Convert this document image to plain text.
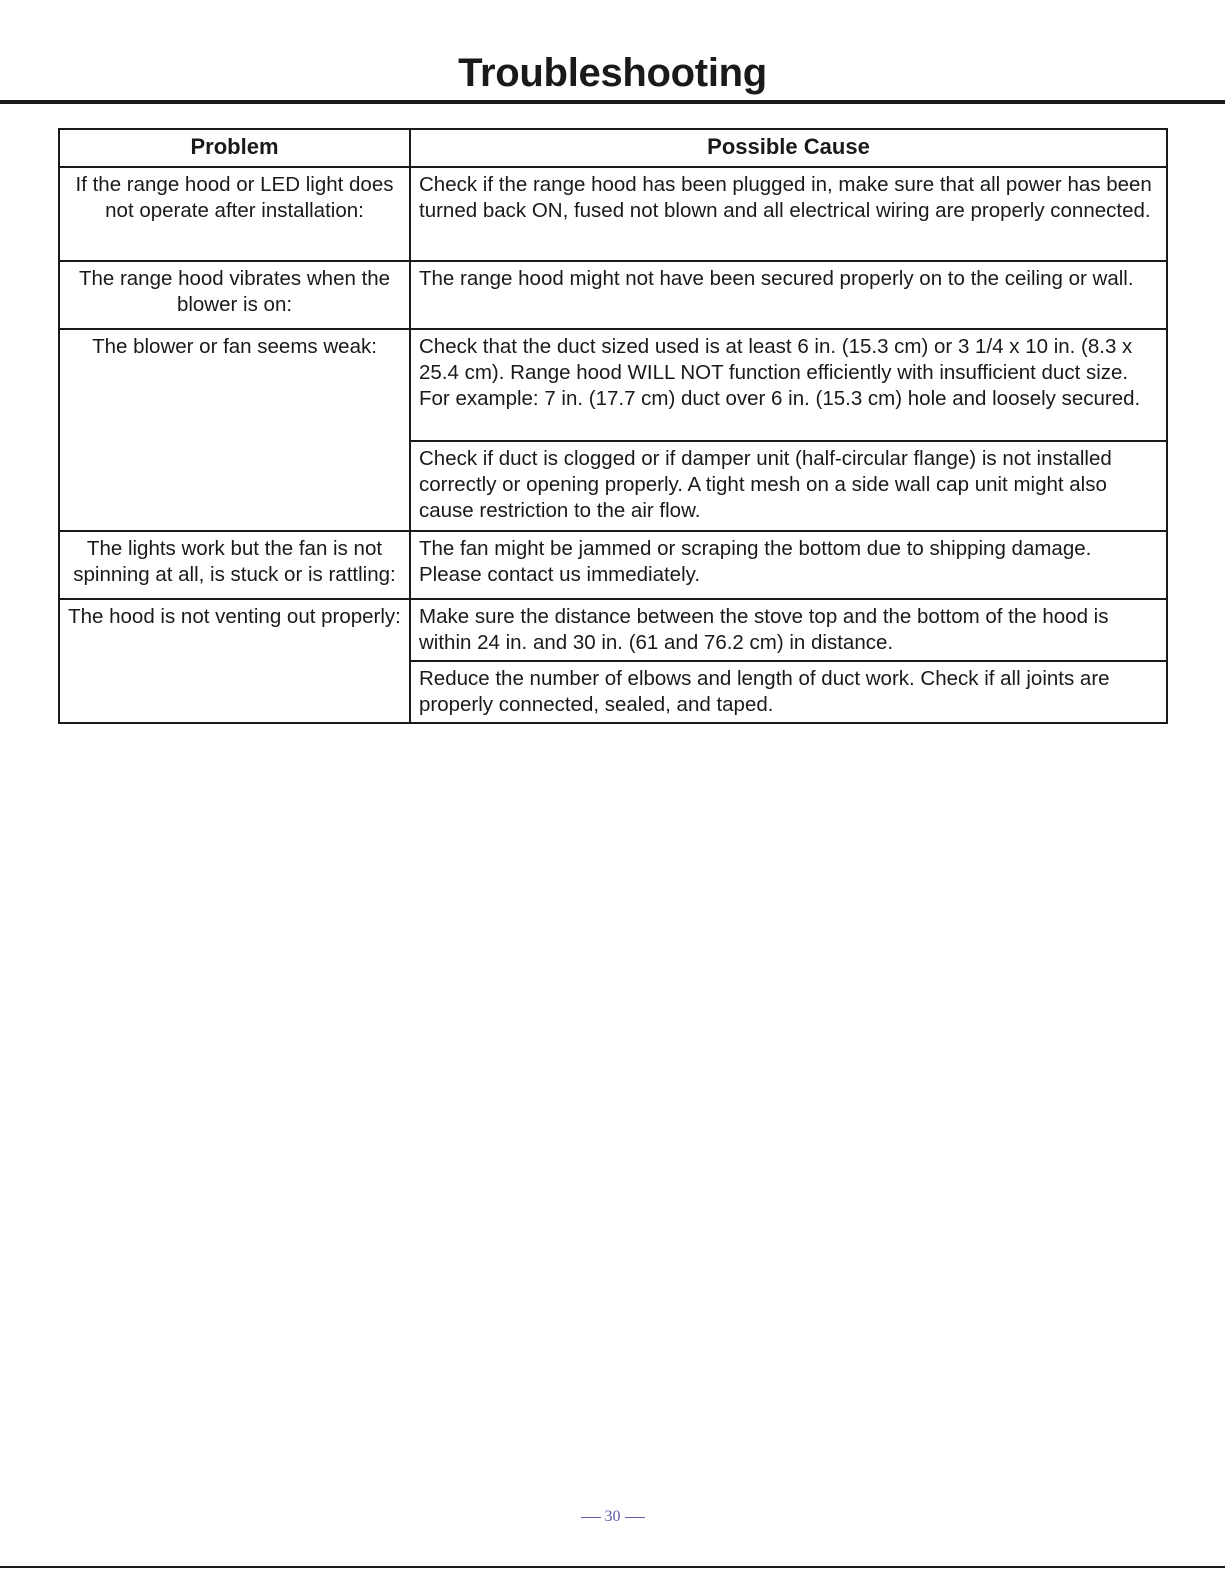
Troubleshooting
Problem	Possible Cause
If the range hood or LED light does not operate after installation:	Check if the range hood has been plugged in, make sure that all power has been turned back ON, fused not blown and all electrical wiring are properly connected.
The range hood vibrates when the blower is on:	The range hood might not have been secured properly on to the ceiling or wall.
The blower or fan seems weak:	Check that the duct sized used is at least 6 in. (15.3 cm) or 3 1/4 x 10 in. (8.3 x 25.4 cm). Range hood WILL NOT function efficiently with insufficient duct size. For example: 7 in. (17.7 cm) duct over 6 in. (15.3 cm) hole and loosely secured.
	Check if duct is clogged or if damper unit (half-circular flange) is not installed correctly or opening properly. A tight mesh on a side wall cap unit might also cause restriction to the air flow.
The lights work but the fan is not spinning at all, is stuck or is rattling:	The fan might be jammed or scraping the bottom due to shipping damage. Please contact us immediately.
The hood is not venting out properly:	Make sure the distance between the stove top and the bottom of the hood is within 24 in. and 30 in. (61 and 76.2 cm) in distance.
	Reduce the number of elbows and length of duct work. Check if all joints are properly connected, sealed, and taped.
30
